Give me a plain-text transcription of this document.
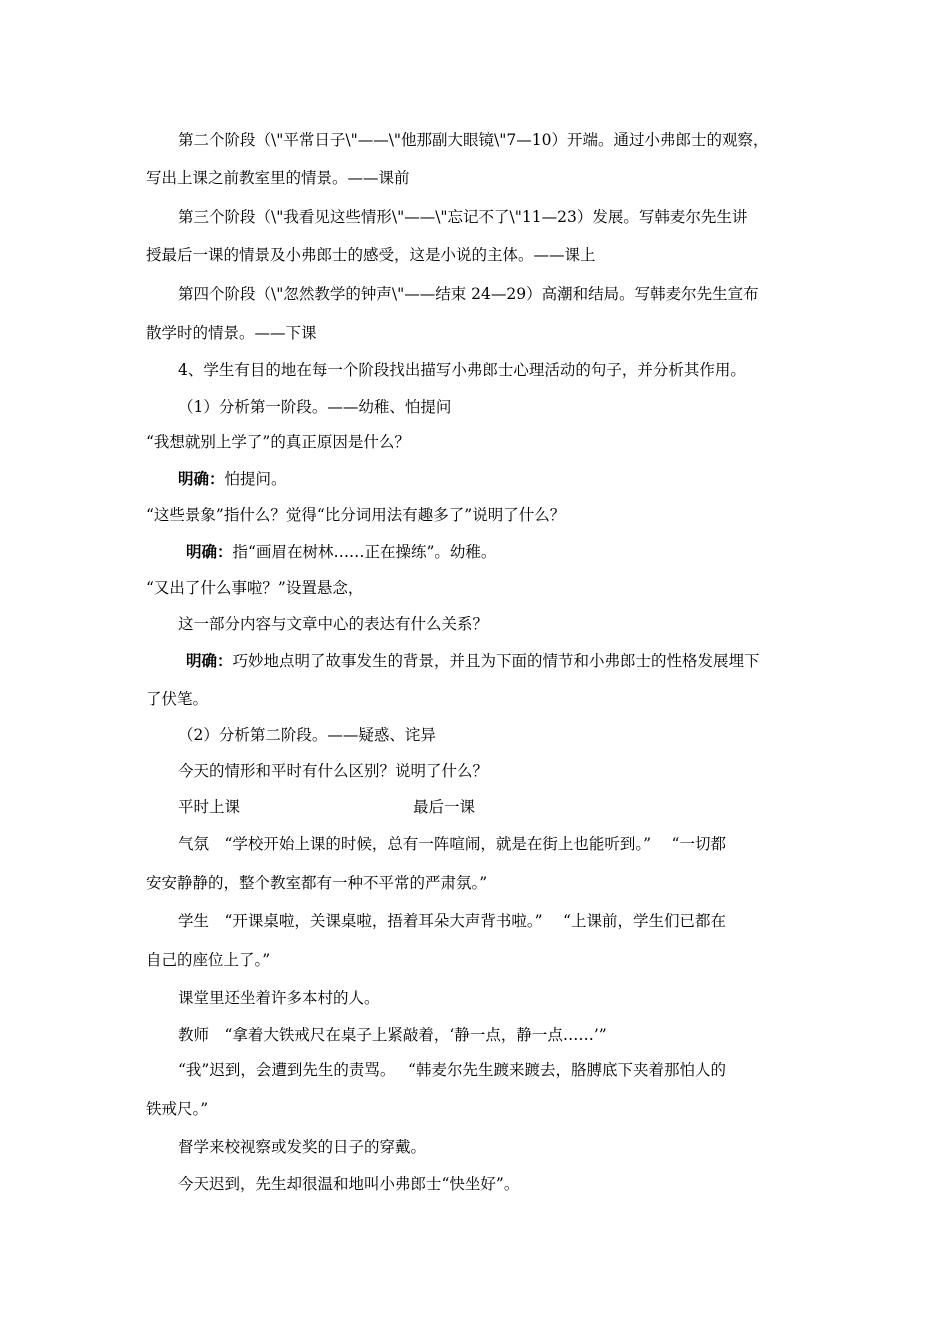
第二个阶段（\"平常日子\"——\"他那副大眼镜\"7—10）开端。通过小弗郎士的观察，
写出上课之前教室里的情景。——课前
第三个阶段（\"我看见这些情形\"——\"忘记不了\"11—23）发展。写韩麦尔先生讲
授最后一课的情景及小弗郎士的感受，这是小说的主体。——课上
第四个阶段（\"忽然教学的钟声\"——结束 24—29）高潮和结局。写韩麦尔先生宣布
散学时的情景。——下课
4、学生有目的地在每一个阶段找出描写小弗郎士心理活动的句子，并分析其作用。
（1）分析第一阶段。——幼稚、怕提问
“我想就别上学了”的真正原因是什么？
明确：怕提问。
“这些景象”指什么？觉得“比分词用法有趣多了”说明了什么？
明确：指“画眉在树林……正在操练”。幼稚。
“又出了什么事啦？”设置悬念，
这一部分内容与文章中心的表达有什么关系？
明确：巧妙地点明了故事发生的背景，并且为下面的情节和小弗郎士的性格发展埋下
了伏笔。
（2）分析第二阶段。——疑惑、诧异
今天的情形和平时有什么区别？说明了什么？
平时上课	最后一课
气氛　“学校开始上课的时候，总有一阵喧闹，就是在街上也能听到。”　 “一切都
安安静静的，整个教室都有一种不平常的严肃氛。”
学生　“开课桌啦，关课桌啦，捂着耳朵大声背书啦。”　 “上课前，学生们已都在
自己的座位上了。”
课堂里还坐着许多本村的人。
教师　“拿着大铁戒尺在桌子上紧敲着，‘静一点，静一点……’”
“我”迟到，会遭到先生的责骂。　 “韩麦尔先生踱来踱去，胳膊底下夹着那怕人的
铁戒尺。”
督学来校视察或发奖的日子的穿戴。
今天迟到，先生却很温和地叫小弗郎士“快坐好”。
